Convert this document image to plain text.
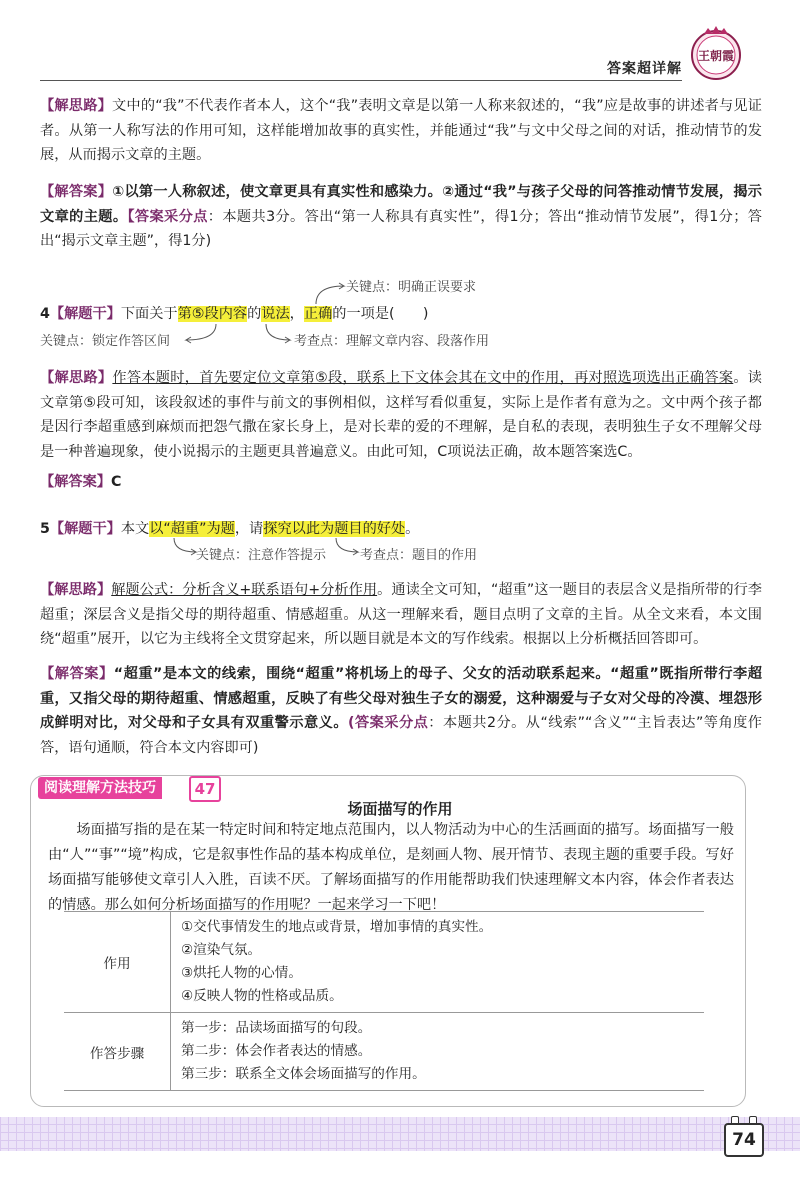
答案超详解
王朝霞
【解思路】文中的“我”不代表作者本人，这个“我”表明文章是以第一人称来叙述的，“我”应是故事的讲述者与见证者。从第一人称写法的作用可知，这样能增加故事的真实性，并能通过“我”与文中父母之间的对话，推动情节的发展，从而揭示文章的主题。
【解答案】①以第一人称叙述，使文章更具有真实性和感染力。②通过“我”与孩子父母的问答推动情节发展，揭示文章的主题。【答案采分点：本题共3分。答出“第一人称具有真实性”，得1分；答出“推动情节发展”，得1分；答出“揭示文章主题”，得1分)
关键点：明确正误要求
4【解题干】下面关于第⑤段内容的说法，正确的一项是(　　)
关键点：锁定作答区间	考查点：理解文章内容、段落作用
【解思路】作答本题时，首先要定位文章第⑤段，联系上下文体会其在文中的作用，再对照选项选出正确答案。读文章第⑤段可知，该段叙述的事件与前文的事例相似，这样写看似重复，实际上是作者有意为之。文中两个孩子都是因行李超重感到麻烦而把怨气撒在家长身上，是对长辈的爱的不理解，是自私的表现，表明独生子女不理解父母是一种普遍现象，使小说揭示的主题更具普遍意义。由此可知，C项说法正确，故本题答案选C。
【解答案】C
5【解题干】本文以“超重”为题，请探究以此为题目的好处。
关键点：注意作答提示	考查点：题目的作用
【解思路】解题公式：分析含义+联系语句+分析作用。通读全文可知，“超重”这一题目的表层含义是指所带的行李超重；深层含义是指父母的期待超重、情感超重。从这一理解来看，题目点明了文章的主旨。从全文来看，本文围绕“超重”展开，以它为主线将全文贯穿起来，所以题目就是本文的写作线索。根据以上分析概括回答即可。
【解答案】“超重”是本文的线索，围绕“超重”将机场上的母子、父女的活动联系起来。“超重”既指所带行李超重，又指父母的期待超重、情感超重，反映了有些父母对独生子女的溺爱，这种溺爱与子女对父母的冷漠、埋怨形成鲜明对比，对父母和子女具有双重警示意义。(答案采分点：本题共2分。从“线索”“含义”“主旨表达”等角度作答，语句通顺，符合本文内容即可)
阅读理解方法技巧	47
场面描写的作用
场面描写指的是在某一特定时间和特定地点范围内，以人物活动为中心的生活画面的描写。场面描写一般由“人”“事”“境”构成，它是叙事性作品的基本构成单位，是刻画人物、展开情节、表现主题的重要手段。写好场面描写能够使文章引人入胜，百读不厌。了解场面描写的作用能帮助我们快速理解文本内容，体会作者表达的情感。那么如何分析场面描写的作用呢？一起来学习一下吧！
作用	①交代事情发生的地点或背景，增加事情的真实性。
②渲染气氛。
③烘托人物的心情。
④反映人物的性格或品质。

作答步骤	第一步：品读场面描写的句段。
第二步：体会作者表达的情感。
第三步：联系全文体会场面描写的作用。
74
